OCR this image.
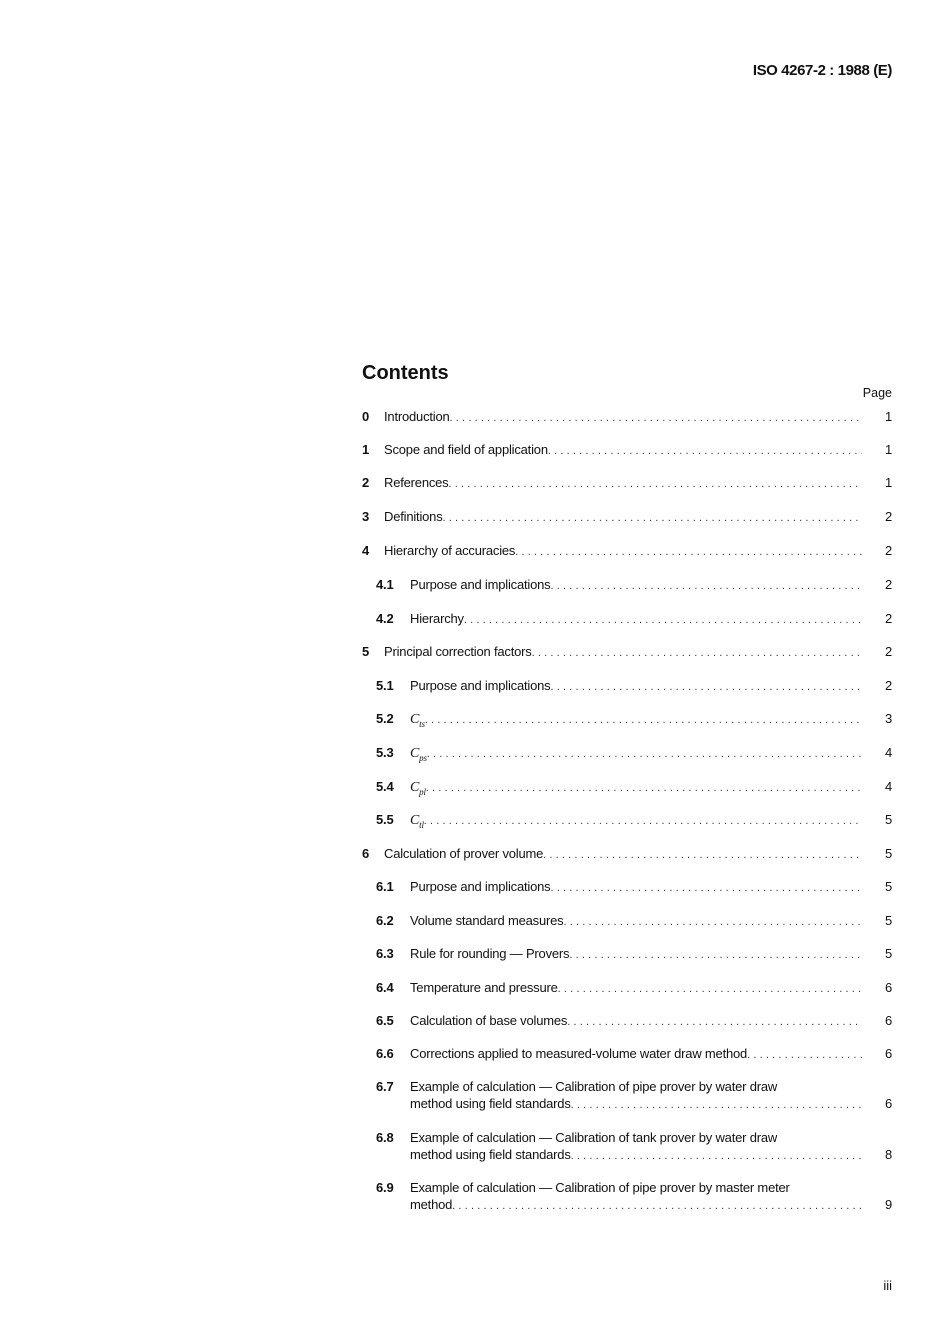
ISO 4267-2 : 1988 (E)
Contents
Page
0	Introduction .....	1
1	Scope and field of application .....	1
2	References .....	1
3	Definitions .....	2
4	Hierarchy of accuracies .....	2
4.1	Purpose and implications .....	2
4.2	Hierarchy .....	2
5	Principal correction factors .....	2
5.1	Purpose and implications .....	2
5.2	$C_{ts}$ .....	3
5.3	$C_{ps}$ .....	4
5.4	$C_{pl}$ .....	4
5.5	$C_{tl}$ .....	5
6	Calculation of prover volume .....	5
6.1	Purpose and implications .....	5
6.2	Volume standard measures .....	5
6.3	Rule for rounding — Provers .....	5
6.4	Temperature and pressure .....	6
6.5	Calculation of base volumes .....	6
6.6	Corrections applied to measured-volume water draw method .....	6
6.7	Example of calculation — Calibration of pipe prover by water draw
method using field standards .....	6
6.8	Example of calculation — Calibration of tank prover by water draw
method using field standards .....	8
6.9	Example of calculation — Calibration of pipe prover by master meter
method .....	9
iii
